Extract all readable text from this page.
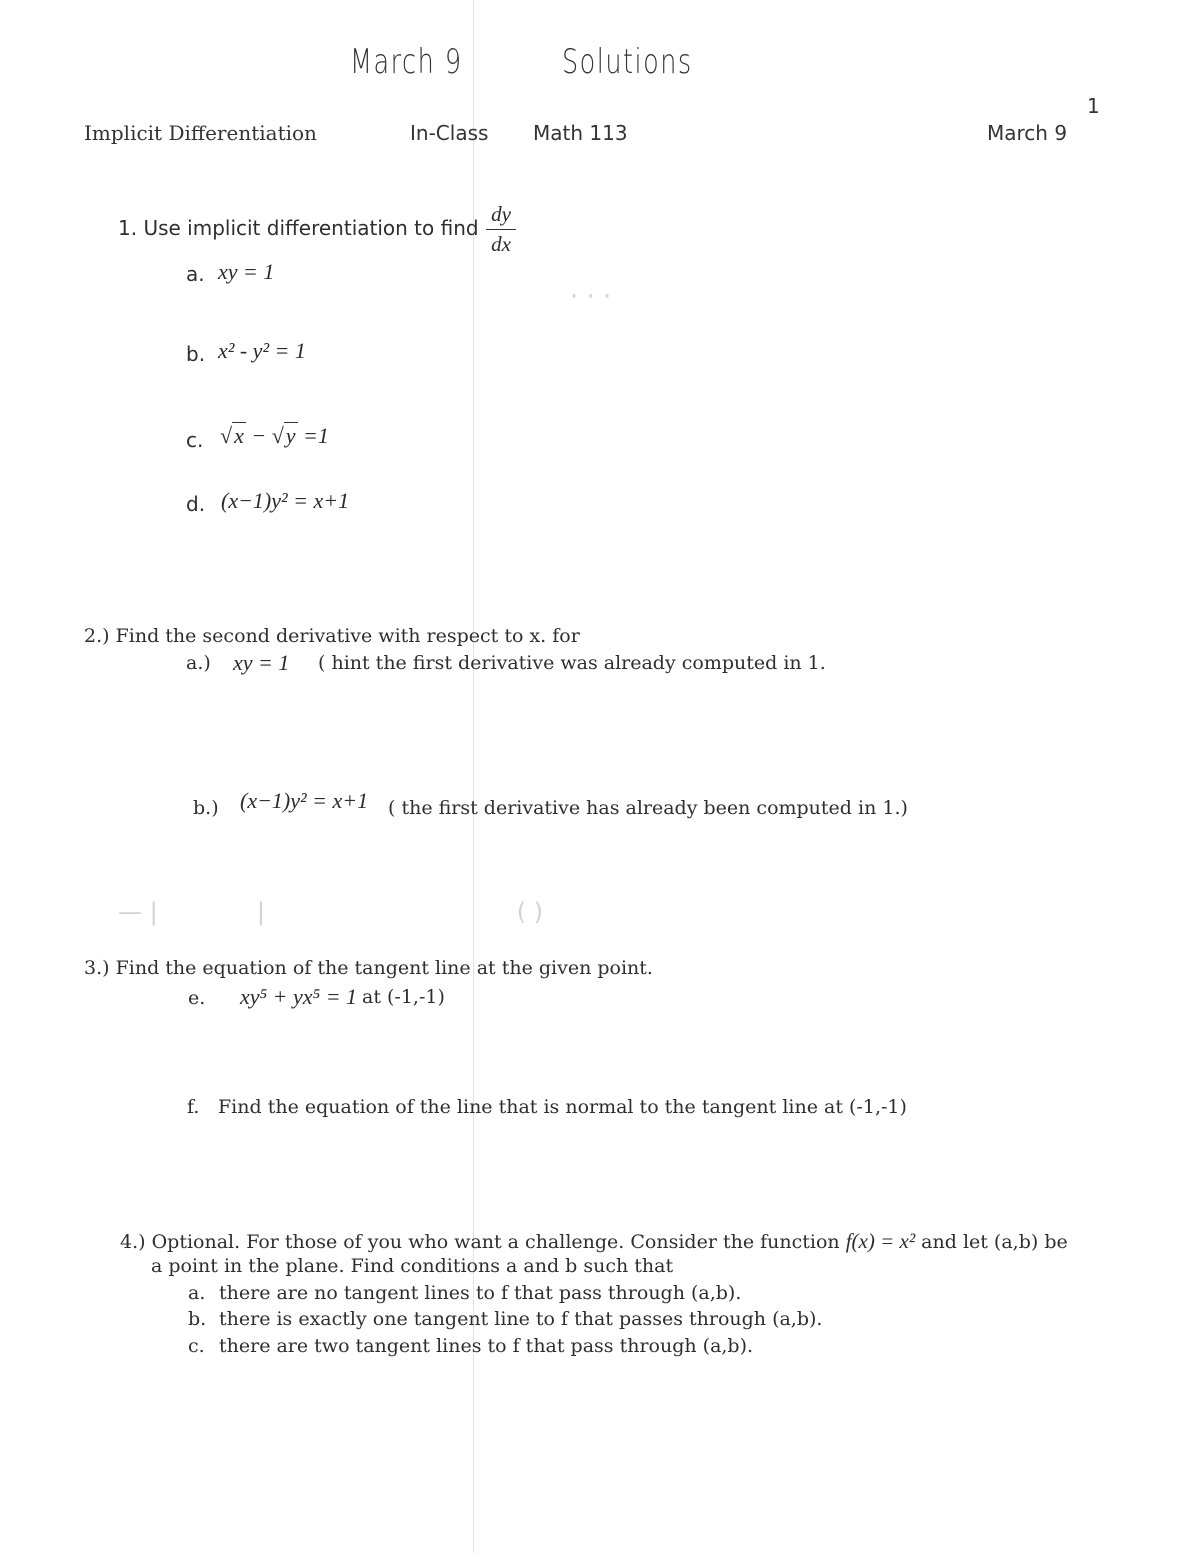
March 9	Solutions
1
Implicit Differentiation	In-Class Math 113	March 9
1. Use implicit differentiation to find
dy
dx
a. xy = 1
b. x² - y² = 1
c. √x − √y =1
d. (x−1)y² = x+1
· · ·
2.) Find the second derivative with respect to x. for
a.) xy = 1 ( hint the first derivative was already computed in 1.
b.) (x−1)y² = x+1 ( the first derivative has already been computed in 1.)
— |             |                                 ( )
3.) Find the equation of the tangent line at the given point.
e. xy⁵ + yx⁵ = 1 at (-1,-1)
f. Find the equation of the line that is normal to the tangent line at (-1,-1)
4.) Optional. For those of you who want a challenge. Consider the function f(x) = x² and let (a,b) be
a point in the plane. Find conditions a and b such that
a. there are no tangent lines to f that pass through (a,b).
b. there is exactly one tangent line to f that passes through (a,b).
c. there are two tangent lines to f that pass through (a,b).
